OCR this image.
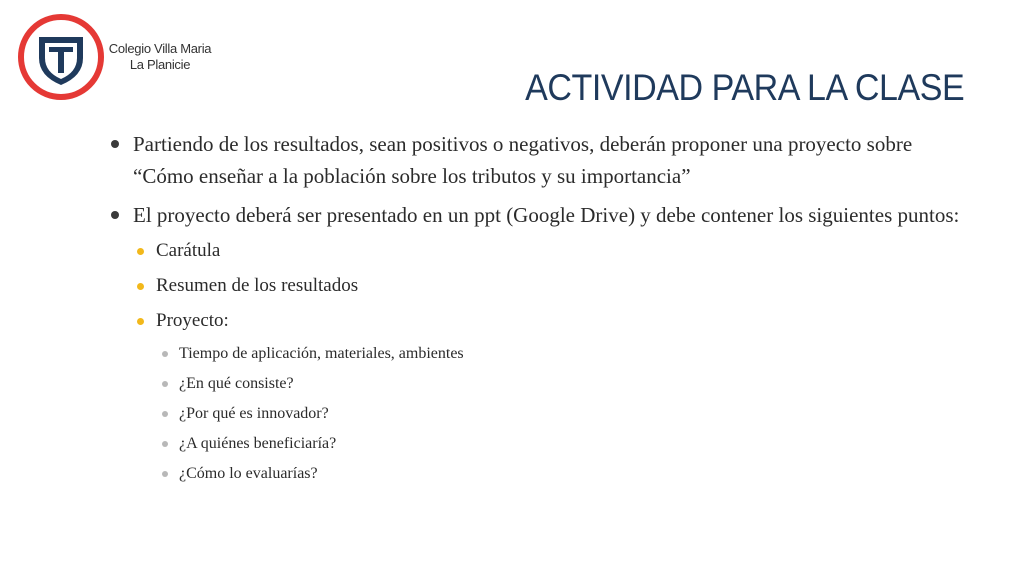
Colegio Villa Maria
La Planicie
ACTIVIDAD PARA LA CLASE
Partiendo de los resultados, sean positivos o negativos, deberán proponer una proyecto sobre “Cómo enseñar a la población sobre los tributos y su importancia”
El proyecto deberá ser presentado en un ppt (Google Drive) y debe contener los siguientes puntos:
Carátula
Resumen de los resultados
Proyecto:
Tiempo de aplicación, materiales, ambientes
¿En qué consiste?
¿Por qué es innovador?
¿A quiénes beneficiaría?
¿Cómo lo evaluarías?
